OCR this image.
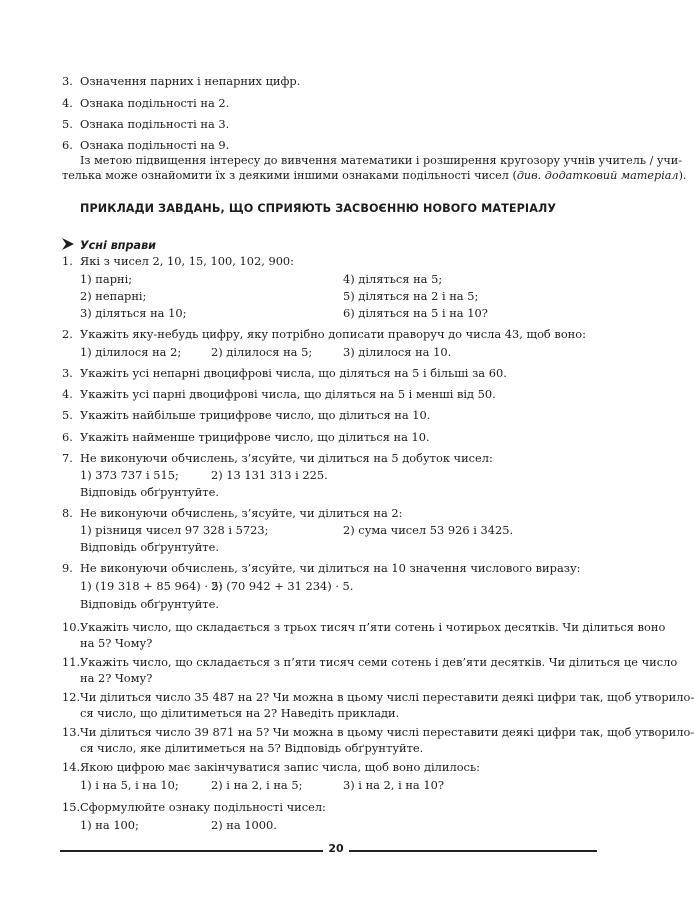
3. Означення парних і непарних цифр.
4. Ознака подільності на 2.
5. Ознака подільності на 3.
6. Ознака подільності на 9.
Із метою підвищення інтересу до вивчення математики і розширення кругозору учнів учитель / учи-
телька може ознайомити їх з деякими іншими ознаками подільності чисел (див. додатковий матеріал).
ПРИКЛАДИ ЗАВДАНЬ, ЩО СПРИЯЮТЬ ЗАСВОЄННЮ НОВОГО МАТЕРІАЛУ
Усні вправи
1. Які з чисел 2, 10, 15, 100, 102, 900:
1) парні;	4) діляться на 5;
2) непарні;	5) діляться на 2 і на 5;
3) діляться на 10;	6) діляться на 5 і на 10?
2. Укажіть яку-небудь цифру, яку потрібно дописати праворуч до числа 43, щоб воно:
1) ділилося на 2;	2) ділилося на 5;	3) ділилося на 10.
3. Укажіть усі непарні двоцифрові числа, що діляться на 5 і більші за 60.
4. Укажіть усі парні двоцифрові числа, що діляться на 5 і менші від 50.
5. Укажіть найбільше трицифрове число, що ділиться на 10.
6. Укажіть найменше трицифрове число, що ділиться на 10.
7. Не виконуючи обчислень, з’ясуйте, чи ділиться на 5 добуток чисел:
1) 373 737 і 515;	2) 13 131 313 і 225.
Відповідь обґрунтуйте.
8. Не виконуючи обчислень, з’ясуйте, чи ділиться на 2:
1) різниця чисел 97 328 і 5723;	2) сума чисел 53 926 і 3425.
Відповідь обґрунтуйте.
9. Не виконуючи обчислень, з’ясуйте, чи ділиться на 10 значення числового виразу:
1) (19 318 + 85 964) · 5;
2) (70 942 + 31 234) · 5.
Відповідь обґрунтуйте.
10. Укажіть число, що складається з трьох тисяч п’яти сотень і чотирьох десятків. Чи ділиться воно
на 5? Чому?
11. Укажіть число, що складається з п’яти тисяч семи сотень і дев’яти десятків. Чи ділиться це число
на 2? Чому?
12. Чи ділиться число 35 487 на 2? Чи можна в цьому числі переставити деякі цифри так, щоб утворило-
ся число, що ділитиметься на 2? Наведіть приклади.
13. Чи ділиться число 39 871 на 5? Чи можна в цьому числі переставити деякі цифри так, щоб утворило-
ся число, яке ділитиметься на 5? Відповідь обґрунтуйте.
14. Якою цифрою має закінчуватися запис числа, щоб воно ділилось:
1) і на 5, і на 10;	2) і на 2, і на 5;	3) і на 2, і на 10?
15. Сформулюйте ознаку подільності чисел:
1) на 100;	2) на 1000.
20
